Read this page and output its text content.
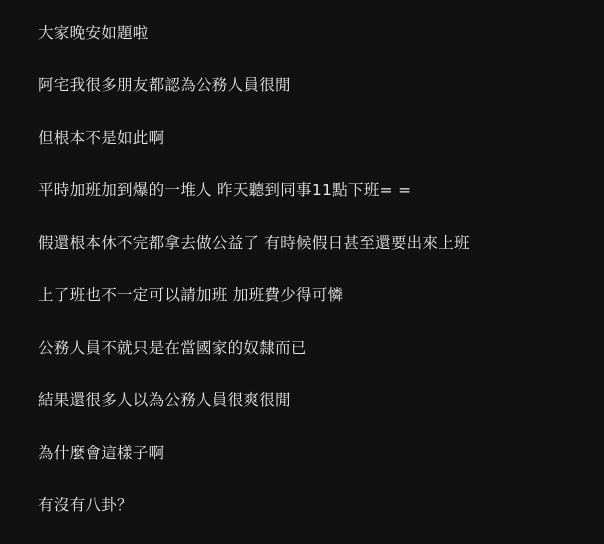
大家晚安如題啦

阿宅我很多朋友都認為公務人員很閒

但根本不是如此啊

平時加班加到爆的一堆人 昨天聽到同事11點下班= =

假還根本休不完都拿去做公益了 有時候假日甚至還要出來上班

上了班也不一定可以請加班 加班費少得可憐

公務人員不就只是在當國家的奴隸而已

結果還很多人以為公務人員很爽很閒

為什麼會這樣子啊

有沒有八卦？
